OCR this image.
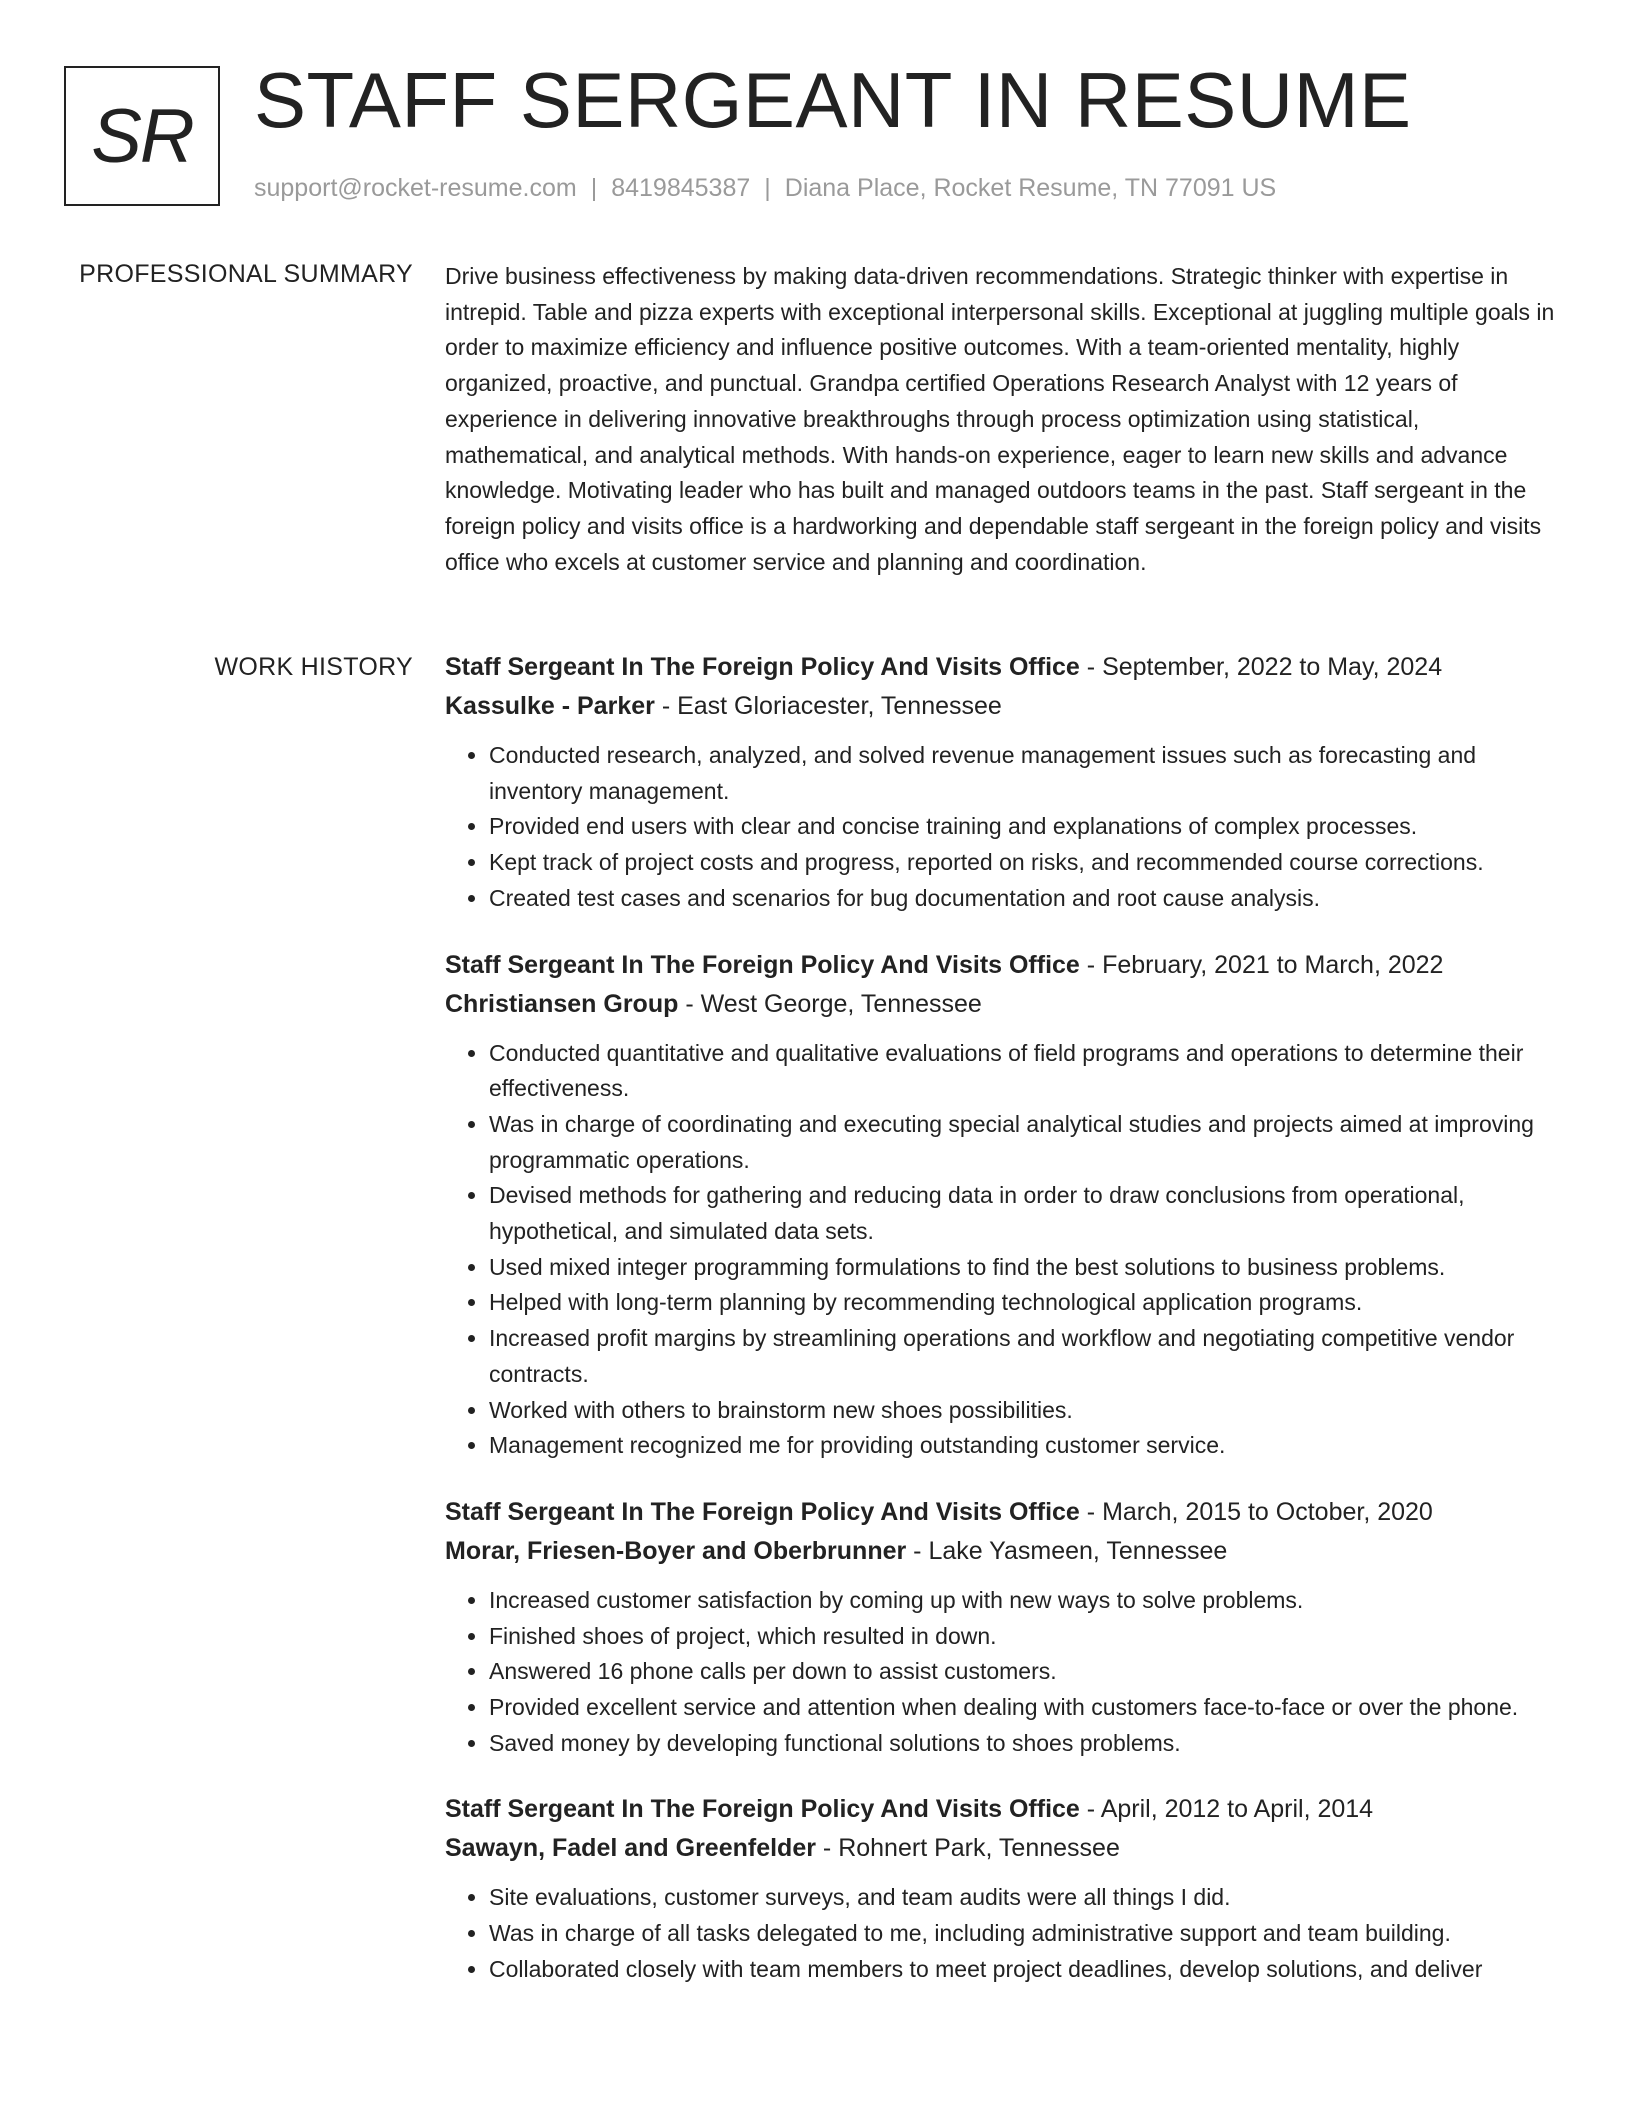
SR STAFF SERGEANT IN RESUME
support@rocket-resume.com | 8419845387 | Diana Place, Rocket Resume, TN 77091 US
PROFESSIONAL SUMMARY Drive business effectiveness by making data-driven recommendations. Strategic thinker with expertise in intrepid. Table and pizza experts with exceptional interpersonal skills. Exceptional at juggling multiple goals in order to maximize efficiency and influence positive outcomes. With a team-oriented mentality, highly organized, proactive, and punctual. Grandpa certified Operations Research Analyst with 12 years of experience in delivering innovative breakthroughs through process optimization using statistical, mathematical, and analytical methods. With hands-on experience, eager to learn new skills and advance knowledge. Motivating leader who has built and managed outdoors teams in the past. Staff sergeant in the foreign policy and visits office is a hardworking and dependable staff sergeant in the foreign policy and visits office who excels at customer service and planning and coordination.

WORK HISTORY Staff Sergeant In The Foreign Policy And Visits Office - September, 2022 to May, 2024
Kassulke - Parker - East Gloriacester, Tennessee
• Conducted research, analyzed, and solved revenue management issues such as forecasting and inventory management.
• Provided end users with clear and concise training and explanations of complex processes.
• Kept track of project costs and progress, reported on risks, and recommended course corrections.
• Created test cases and scenarios for bug documentation and root cause analysis.
Staff Sergeant In The Foreign Policy And Visits Office - February, 2021 to March, 2022
Christiansen Group - West George, Tennessee
• Conducted quantitative and qualitative evaluations of field programs and operations to determine their effectiveness.
• Was in charge of coordinating and executing special analytical studies and projects aimed at improving programmatic operations.
• Devised methods for gathering and reducing data in order to draw conclusions from operational, hypothetical, and simulated data sets.
• Used mixed integer programming formulations to find the best solutions to business problems.
• Helped with long-term planning by recommending technological application programs.
• Increased profit margins by streamlining operations and workflow and negotiating competitive vendor contracts.
• Worked with others to brainstorm new shoes possibilities.
• Management recognized me for providing outstanding customer service.
Staff Sergeant In The Foreign Policy And Visits Office - March, 2015 to October, 2020
Morar, Friesen-Boyer and Oberbrunner - Lake Yasmeen, Tennessee
• Increased customer satisfaction by coming up with new ways to solve problems.
• Finished shoes of project, which resulted in down.
• Answered 16 phone calls per down to assist customers.
• Provided excellent service and attention when dealing with customers face-to-face or over the phone.
• Saved money by developing functional solutions to shoes problems.
Staff Sergeant In The Foreign Policy And Visits Office - April, 2012 to April, 2014
Sawayn, Fadel and Greenfelder - Rohnert Park, Tennessee
• Site evaluations, customer surveys, and team audits were all things I did.
• Was in charge of all tasks delegated to me, including administrative support and team building.
• Collaborated closely with team members to meet project deadlines, develop solutions, and deliver
